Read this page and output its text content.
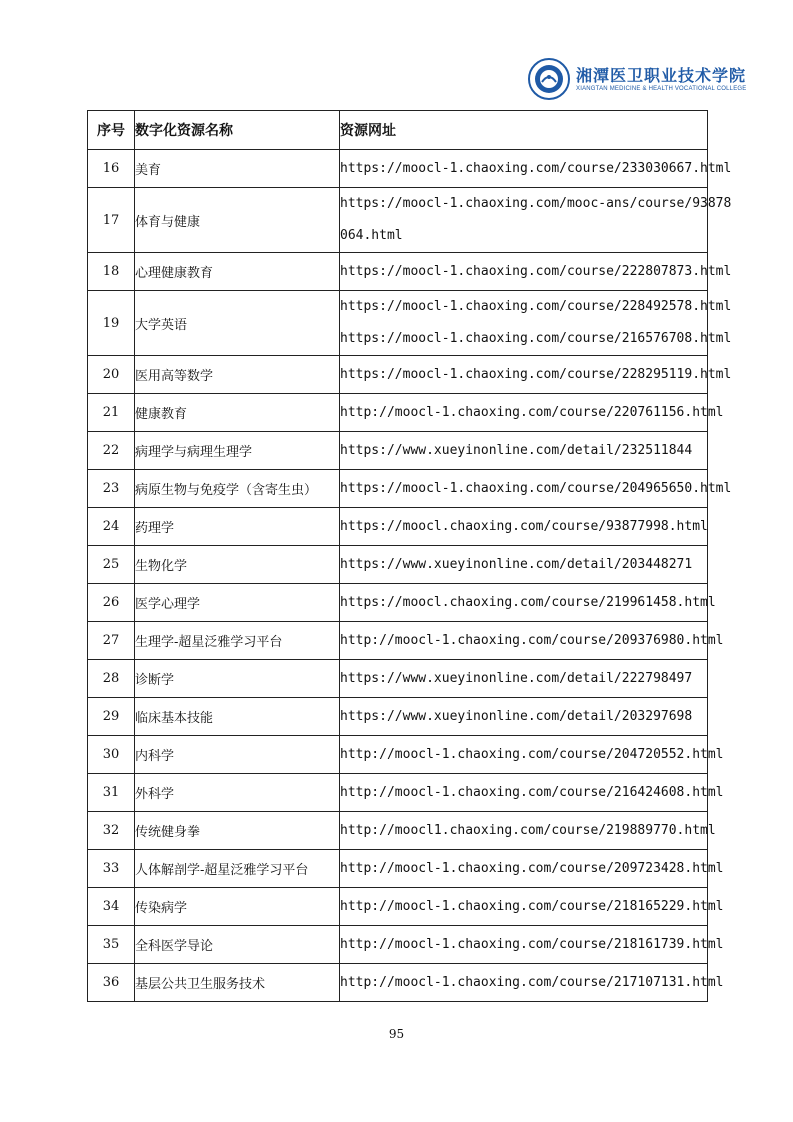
湘潭医卫职业技术学院
XIANGTAN MEDICINE & HEALTH VOCATIONAL COLLEGE
序号	数字化资源名称	资源网址
16	美育	https://moocl-1.chaoxing.com/course/233030667.html

17	体育与健康	https://moocl-1.chaoxing.com/mooc-ans/course/93878
064.html

18	心理健康教育	https://moocl-1.chaoxing.com/course/222807873.html

19	大学英语	https://moocl-1.chaoxing.com/course/228492578.html
https://moocl-1.chaoxing.com/course/216576708.html

20	医用高等数学	https://moocl-1.chaoxing.com/course/228295119.html

21	健康教育	http://moocl-1.chaoxing.com/course/220761156.html

22	病理学与病理生理学	https://www.xueyinonline.com/detail/232511844

23	病原生物与免疫学（含寄生虫）	https://moocl-1.chaoxing.com/course/204965650.html

24	药理学	https://moocl.chaoxing.com/course/93877998.html

25	生物化学	https://www.xueyinonline.com/detail/203448271

26	医学心理学	https://moocl.chaoxing.com/course/219961458.html

27	生理学-超星泛雅学习平台	http://moocl-1.chaoxing.com/course/209376980.html

28	诊断学	https://www.xueyinonline.com/detail/222798497

29	临床基本技能	https://www.xueyinonline.com/detail/203297698

30	内科学	http://moocl-1.chaoxing.com/course/204720552.html

31	外科学	http://moocl-1.chaoxing.com/course/216424608.html

32	传统健身拳	http://moocl1.chaoxing.com/course/219889770.html

33	人体解剖学-超星泛雅学习平台	http://moocl-1.chaoxing.com/course/209723428.html

34	传染病学	http://moocl-1.chaoxing.com/course/218165229.html

35	全科医学导论	http://moocl-1.chaoxing.com/course/218161739.html

36	基层公共卫生服务技术	http://moocl-1.chaoxing.com/course/217107131.html
95
